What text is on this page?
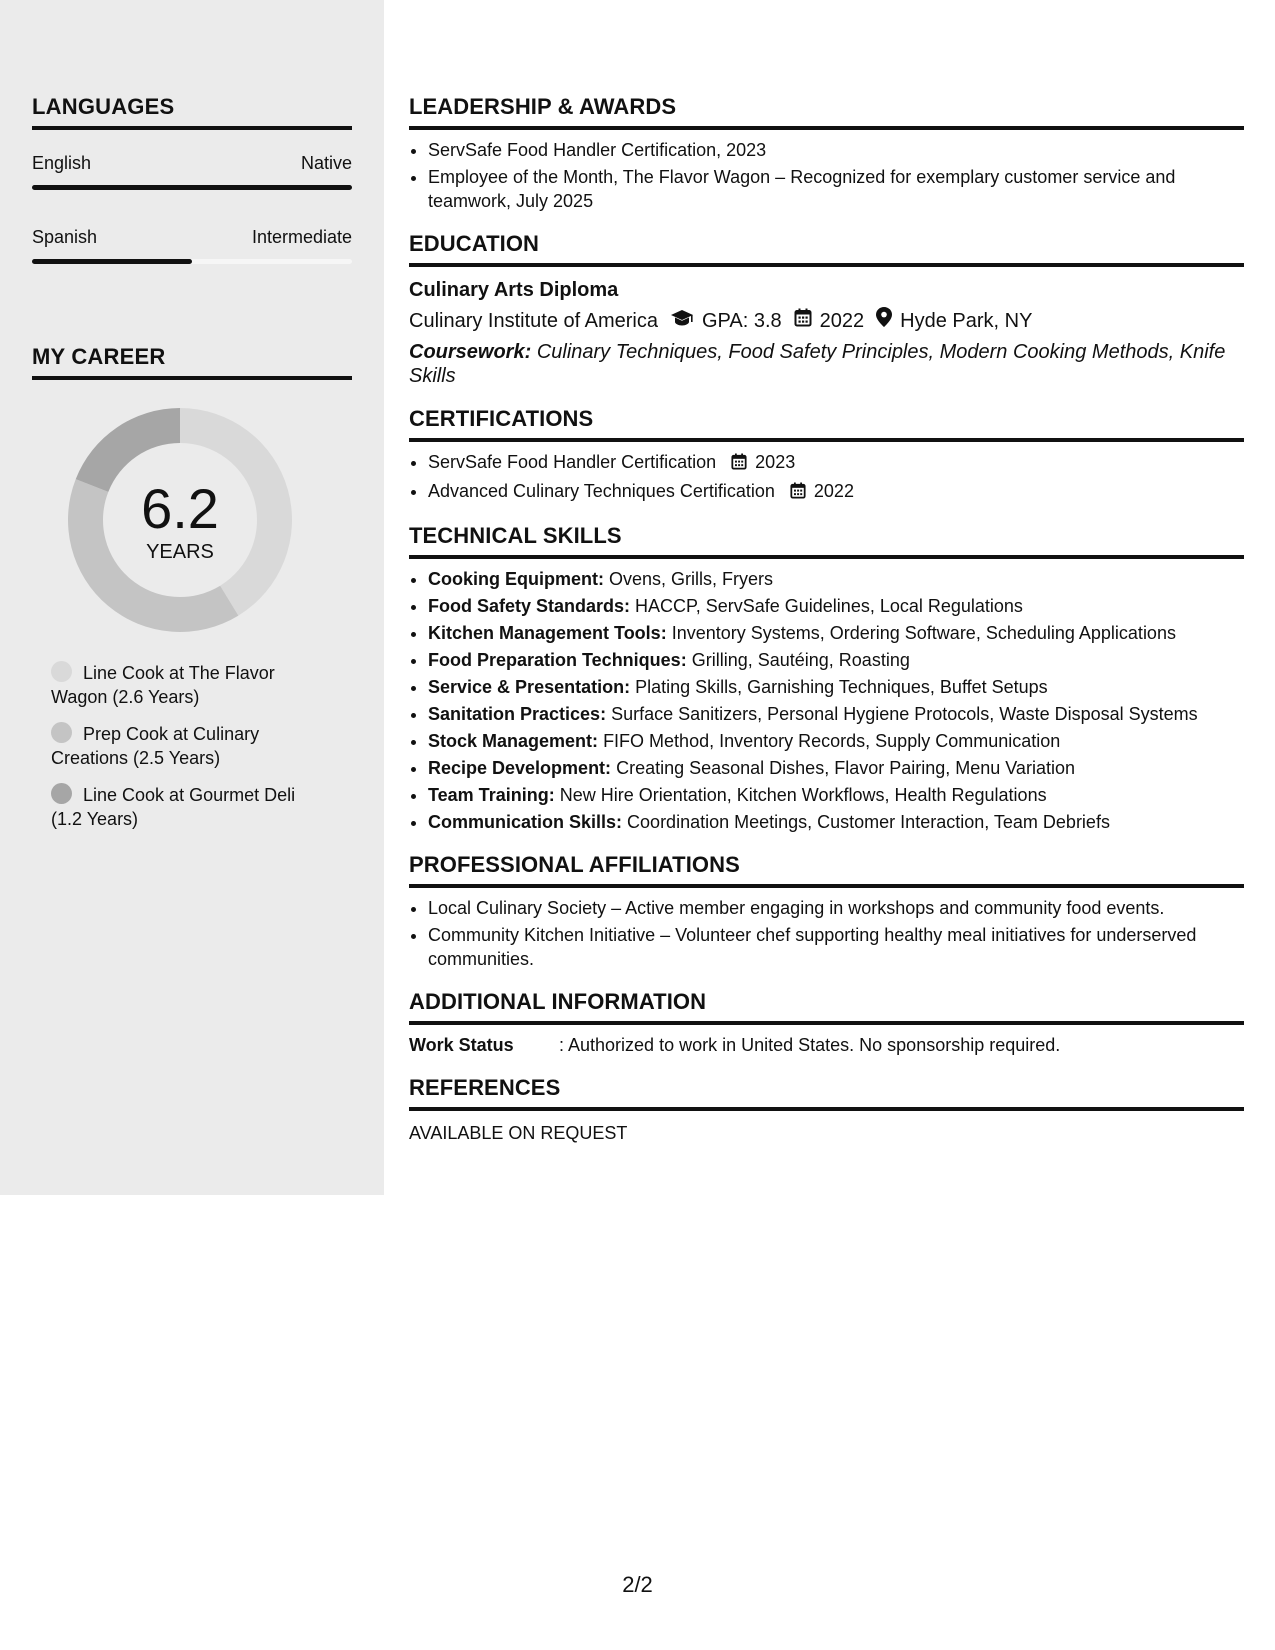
LANGUAGES
English	Native
Spanish	Intermediate
MY CAREER
6.2
YEARS
Line Cook at The Flavor Wagon (2.6 Years)
Prep Cook at Culinary Creations (2.5 Years)
Line Cook at Gourmet Deli (1.2 Years)
LEADERSHIP & AWARDS
• ServSafe Food Handler Certification, 2023
• Employee of the Month, The Flavor Wagon – Recognized for exemplary customer service and teamwork, July 2025
EDUCATION
Culinary Arts Diploma
Culinary Institute of America GPA: 3.8 2022 Hyde Park, NY
Coursework: Culinary Techniques, Food Safety Principles, Modern Cooking Methods, Knife Skills
CERTIFICATIONS
• ServSafe Food Handler Certification 2023
• Advanced Culinary Techniques Certification 2022
TECHNICAL SKILLS
• Cooking Equipment: Ovens, Grills, Fryers
• Food Safety Standards: HACCP, ServSafe Guidelines, Local Regulations
• Kitchen Management Tools: Inventory Systems, Ordering Software, Scheduling Applications
• Food Preparation Techniques: Grilling, Sautéing, Roasting
• Service & Presentation: Plating Skills, Garnishing Techniques, Buffet Setups
• Sanitation Practices: Surface Sanitizers, Personal Hygiene Protocols, Waste Disposal Systems
• Stock Management: FIFO Method, Inventory Records, Supply Communication
• Recipe Development: Creating Seasonal Dishes, Flavor Pairing, Menu Variation
• Team Training: New Hire Orientation, Kitchen Workflows, Health Regulations
• Communication Skills: Coordination Meetings, Customer Interaction, Team Debriefs
PROFESSIONAL AFFILIATIONS
• Local Culinary Society – Active member engaging in workshops and community food events.
• Community Kitchen Initiative – Volunteer chef supporting healthy meal initiatives for underserved communities.
ADDITIONAL INFORMATION
Work Status	: Authorized to work in United States. No sponsorship required.
REFERENCES
AVAILABLE ON REQUEST
2/2
